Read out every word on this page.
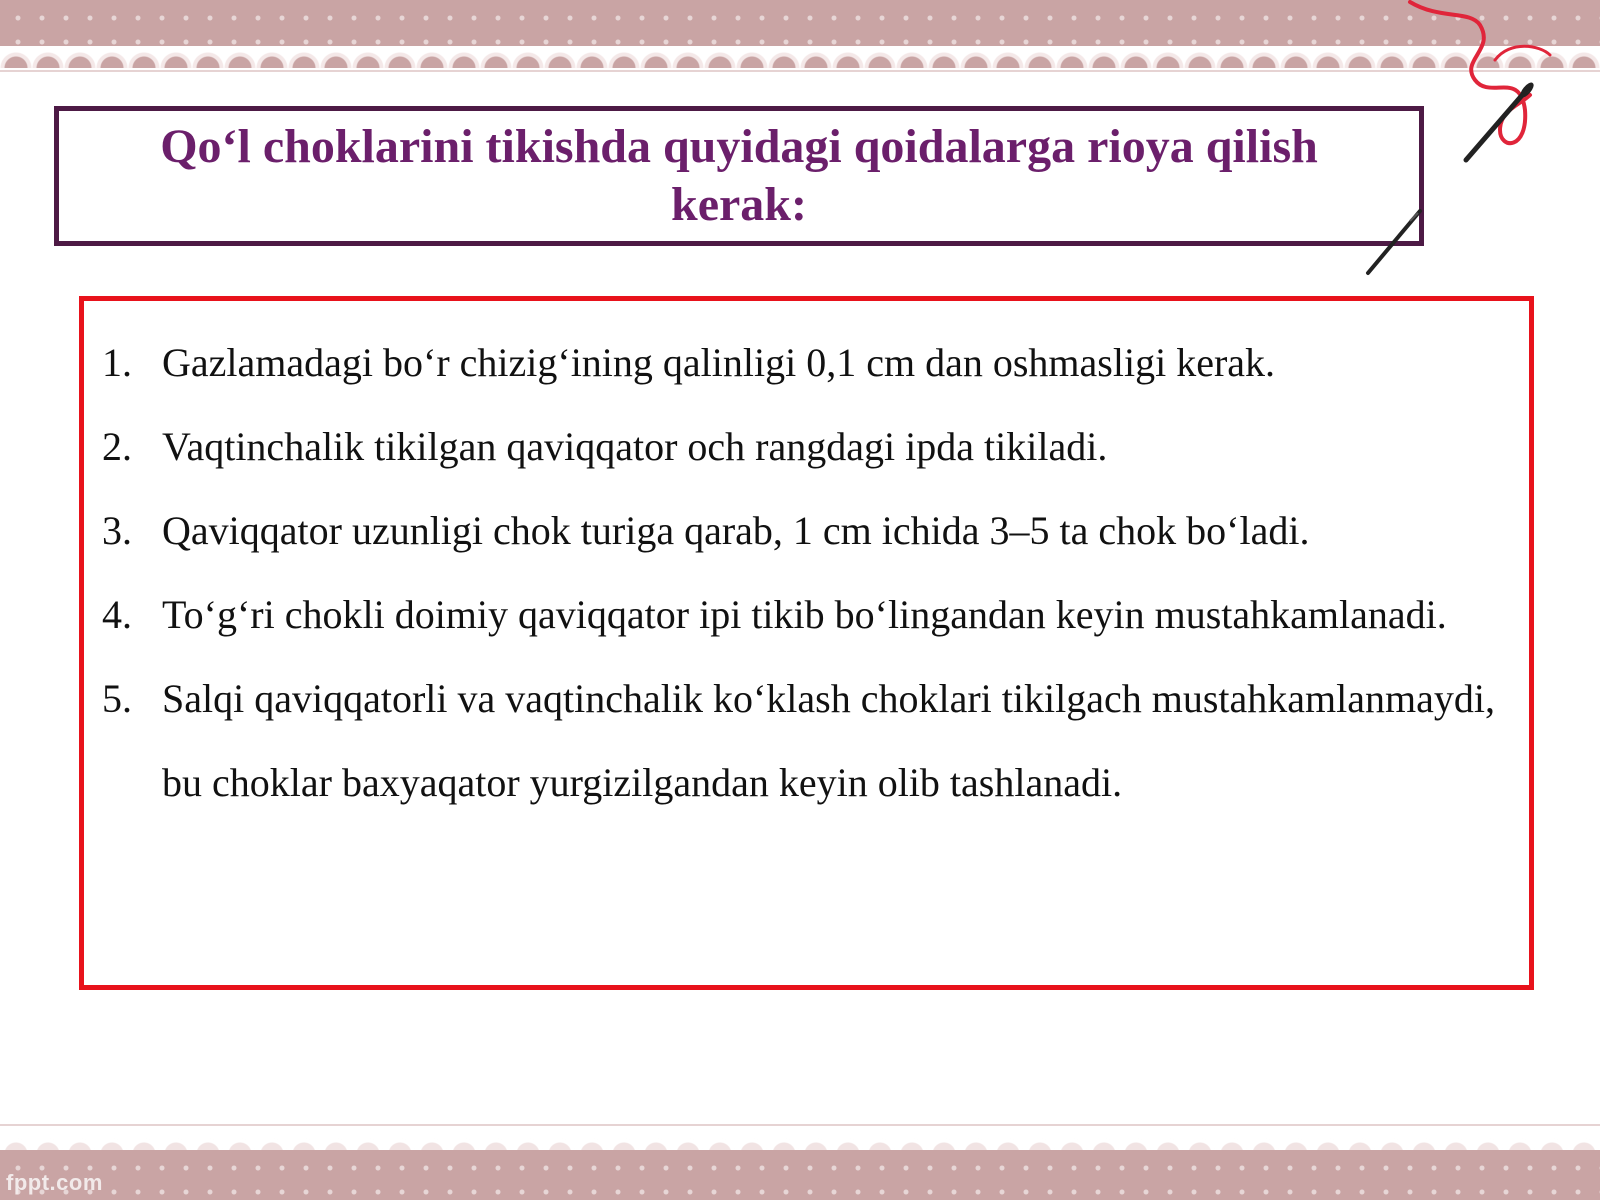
Qo‘l choklarini tikishda quyidagi qoidalarga rioya qilish kerak:
1. Gazlamadagi bo‘r chizig‘ining qalinligi 0,1 cm dan oshmasligi kerak.
2. Vaqtinchalik tikilgan qaviqqator och rangdagi ipda tikiladi.
3. Qaviqqator uzunligi chok turiga qarab, 1 cm ichida 3–5 ta chok bo‘ladi.
4. To‘g‘ri chokli doimiy qaviqqator ipi tikib bo‘lingandan keyin mustahkamlanadi.
5. Salqi qaviqqatorli va vaqtinchalik ko‘klash choklari tikilgach mustahkamlanmaydi, bu choklar baxyaqator yurgizilgandan keyin olib tashlanadi.
fppt.com
